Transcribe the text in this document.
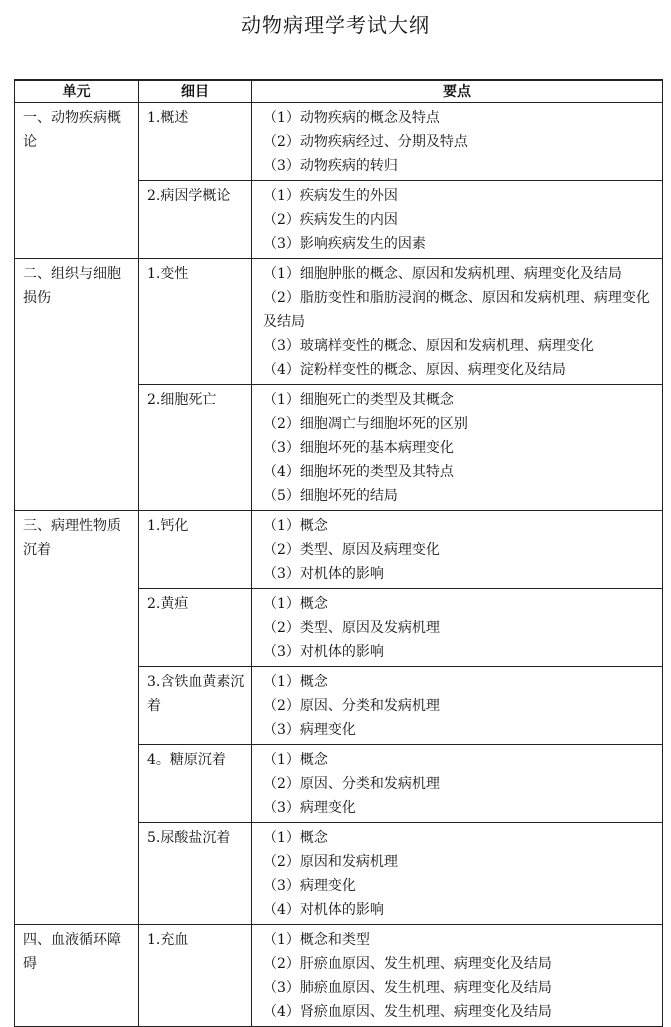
动物病理学考试大纲
单元	细目	要点
一、动物疾病概论	1.概述	（1）动物疾病的概念及特点
（2）动物疾病经过、分期及特点
（3）动物疾病的转归

	2.病因学概论	（1）疾病发生的外因
（2）疾病发生的内因
（3）影响疾病发生的因素

二、组织与细胞损伤	1.变性	（1）细胞肿胀的概念、原因和发病机理、病理变化及结局
（2）脂肪变性和脂肪浸润的概念、原因和发病机理、病理变化及结局
（3）玻璃样变性的概念、原因和发病机理、病理变化
（4）淀粉样变性的概念、原因、病理变化及结局

	2.细胞死亡	（1）细胞死亡的类型及其概念
（2）细胞凋亡与细胞坏死的区别
（3）细胞坏死的基本病理变化
（4）细胞坏死的类型及其特点
（5）细胞坏死的结局

三、病理性物质沉着	1.钙化	（1）概念
（2）类型、原因及病理变化
（3）对机体的影响

	2.黄疸	（1）概念
（2）类型、原因及发病机理
（3）对机体的影响

	3.含铁血黄素沉着	（1）概念
（2）原因、分类和发病机理
（3）病理变化

	4。糖原沉着	（1）概念
（2）原因、分类和发病机理
（3）病理变化

	5.尿酸盐沉着	（1）概念
（2）原因和发病机理
（3）病理变化
（4）对机体的影响

四、血液循环障碍	1.充血	（1）概念和类型
（2）肝瘀血原因、发生机理、病理变化及结局
（3）肺瘀血原因、发生机理、病理变化及结局
（4）肾瘀血原因、发生机理、病理变化及结局
